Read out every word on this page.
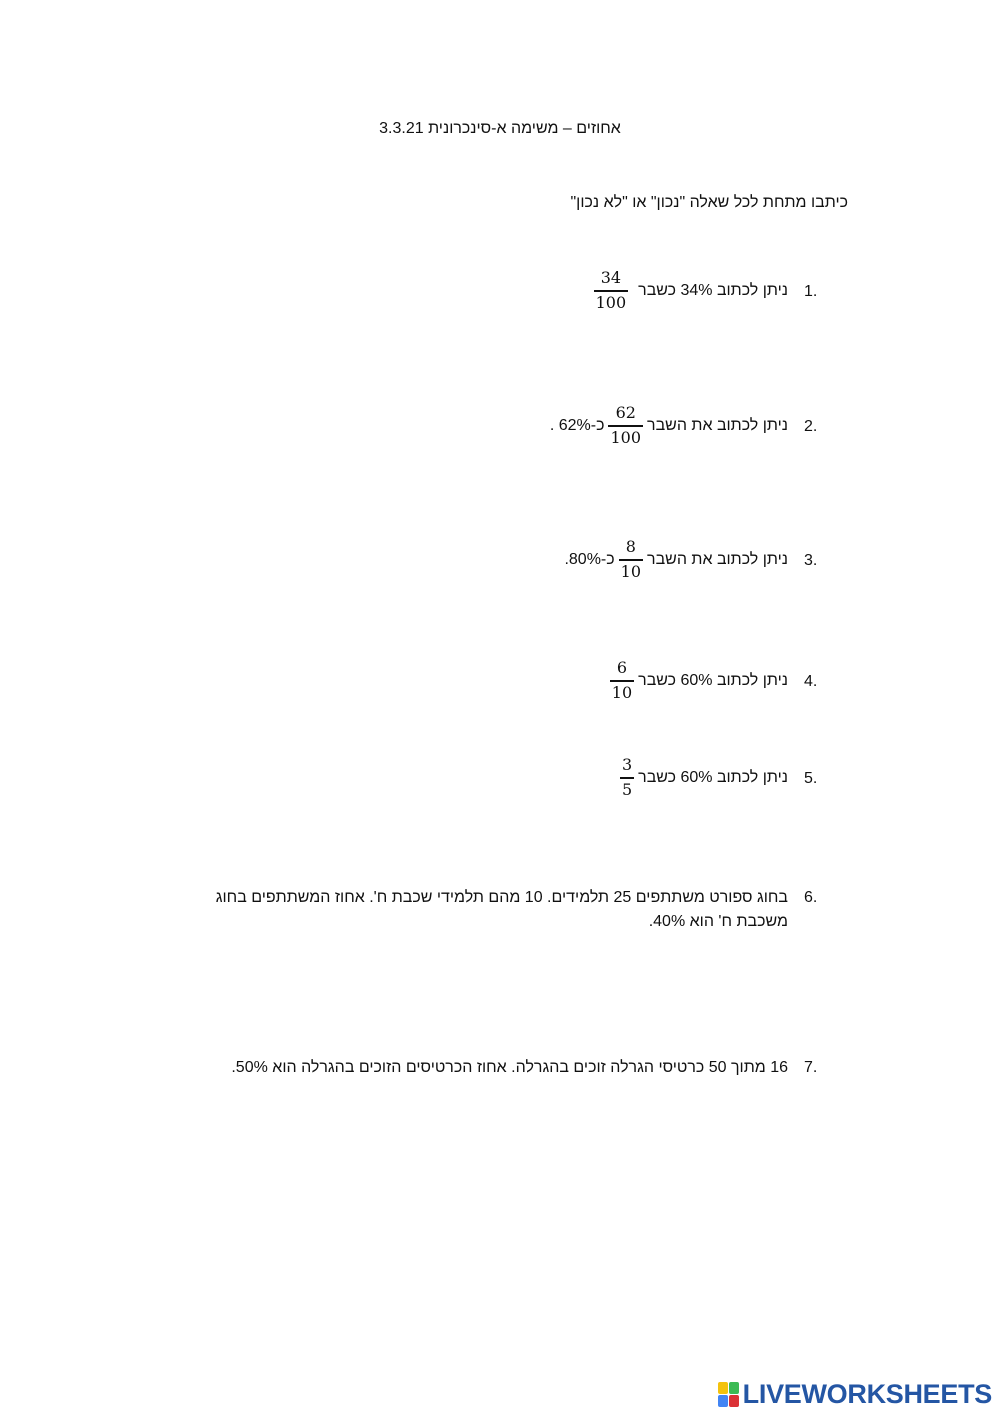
אחוזים – משימה א-סינכרונית 3.3.21
כיתבו מתחת לכל שאלה "נכון" או "לא נכון"
1.
ניתן לכתוב 34% כשבר
$\frac{34}{100}$
2.
ניתן לכתוב את השבר
$\frac{62}{100}$
כ-62% .
3.
ניתן לכתוב את השבר
$\frac{8}{10}$
כ-80%.
4.
ניתן לכתוב 60% כשבר
$\frac{6}{10}$
5.
ניתן לכתוב 60% כשבר
$\frac{3}{5}$
6.
בחוג ספורט משתתפים 25 תלמידים. 10 מהם תלמידי שכבת ח'. אחוז המשתתפים בחוג משכבת ח' הוא 40%.
7.
16 מתוך 50 כרטיסי הגרלה זוכים בהגרלה. אחוז הכרטיסים הזוכים בהגרלה הוא 50%.
LIVEWORKSHEETS
